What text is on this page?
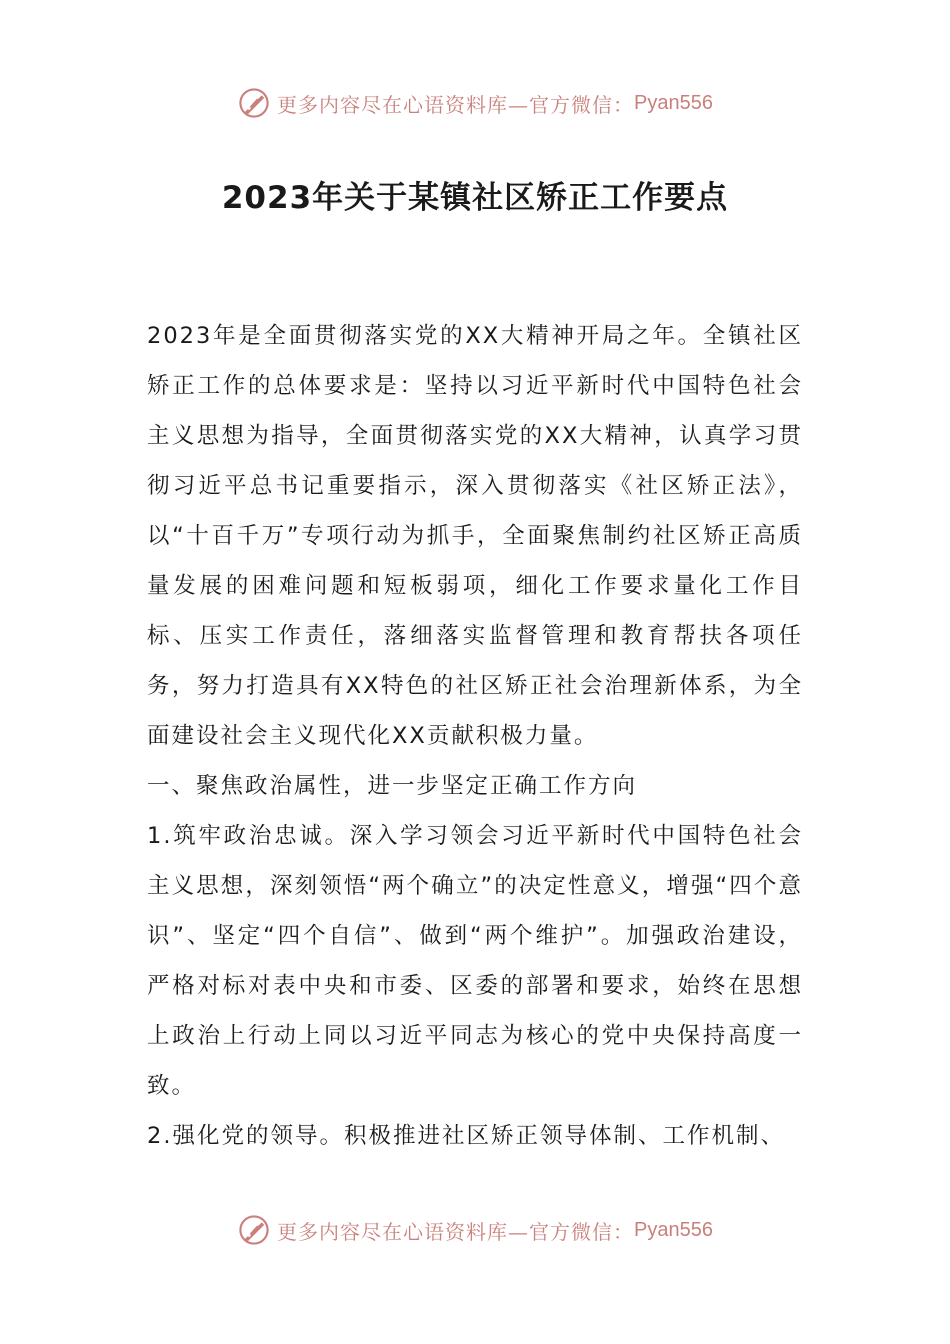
更多内容尽在心语资料库—官方微信： Pyan556
2023年关于某镇社区矫正工作要点

2023年是全面贯彻落实党的XX大精神开局之年。全镇社区矫正工作的总体要求是：坚持以习近平新时代中国特色社会主义思想为指导，全面贯彻落实党的XX大精神，认真学习贯彻习近平总书记重要指示，深入贯彻落实《社区矫正法》，以“十百千万”专项行动为抓手，全面聚焦制约社区矫正高质量发展的困难问题和短板弱项，细化工作要求量化工作目标、压实工作责任，落细落实监督管理和教育帮扶各项任务，努力打造具有XX特色的社区矫正社会治理新体系，为全面建设社会主义现代化XX贡献积极力量。

一、聚焦政治属性，进一步坚定正确工作方向

1.筑牢政治忠诚。深入学习领会习近平新时代中国特色社会主义思想，深刻领悟“两个确立”的决定性意义，增强“四个意识”、坚定“四个自信”、做到“两个维护”。加强政治建设，严格对标对表中央和市委、区委的部署和要求，始终在思想上政治上行动上同以习近平同志为核心的党中央保持高度一致。

2.强化党的领导。积极推进社区矫正领导体制、工作机制、

更多内容尽在心语资料库—官方微信： Pyan556
